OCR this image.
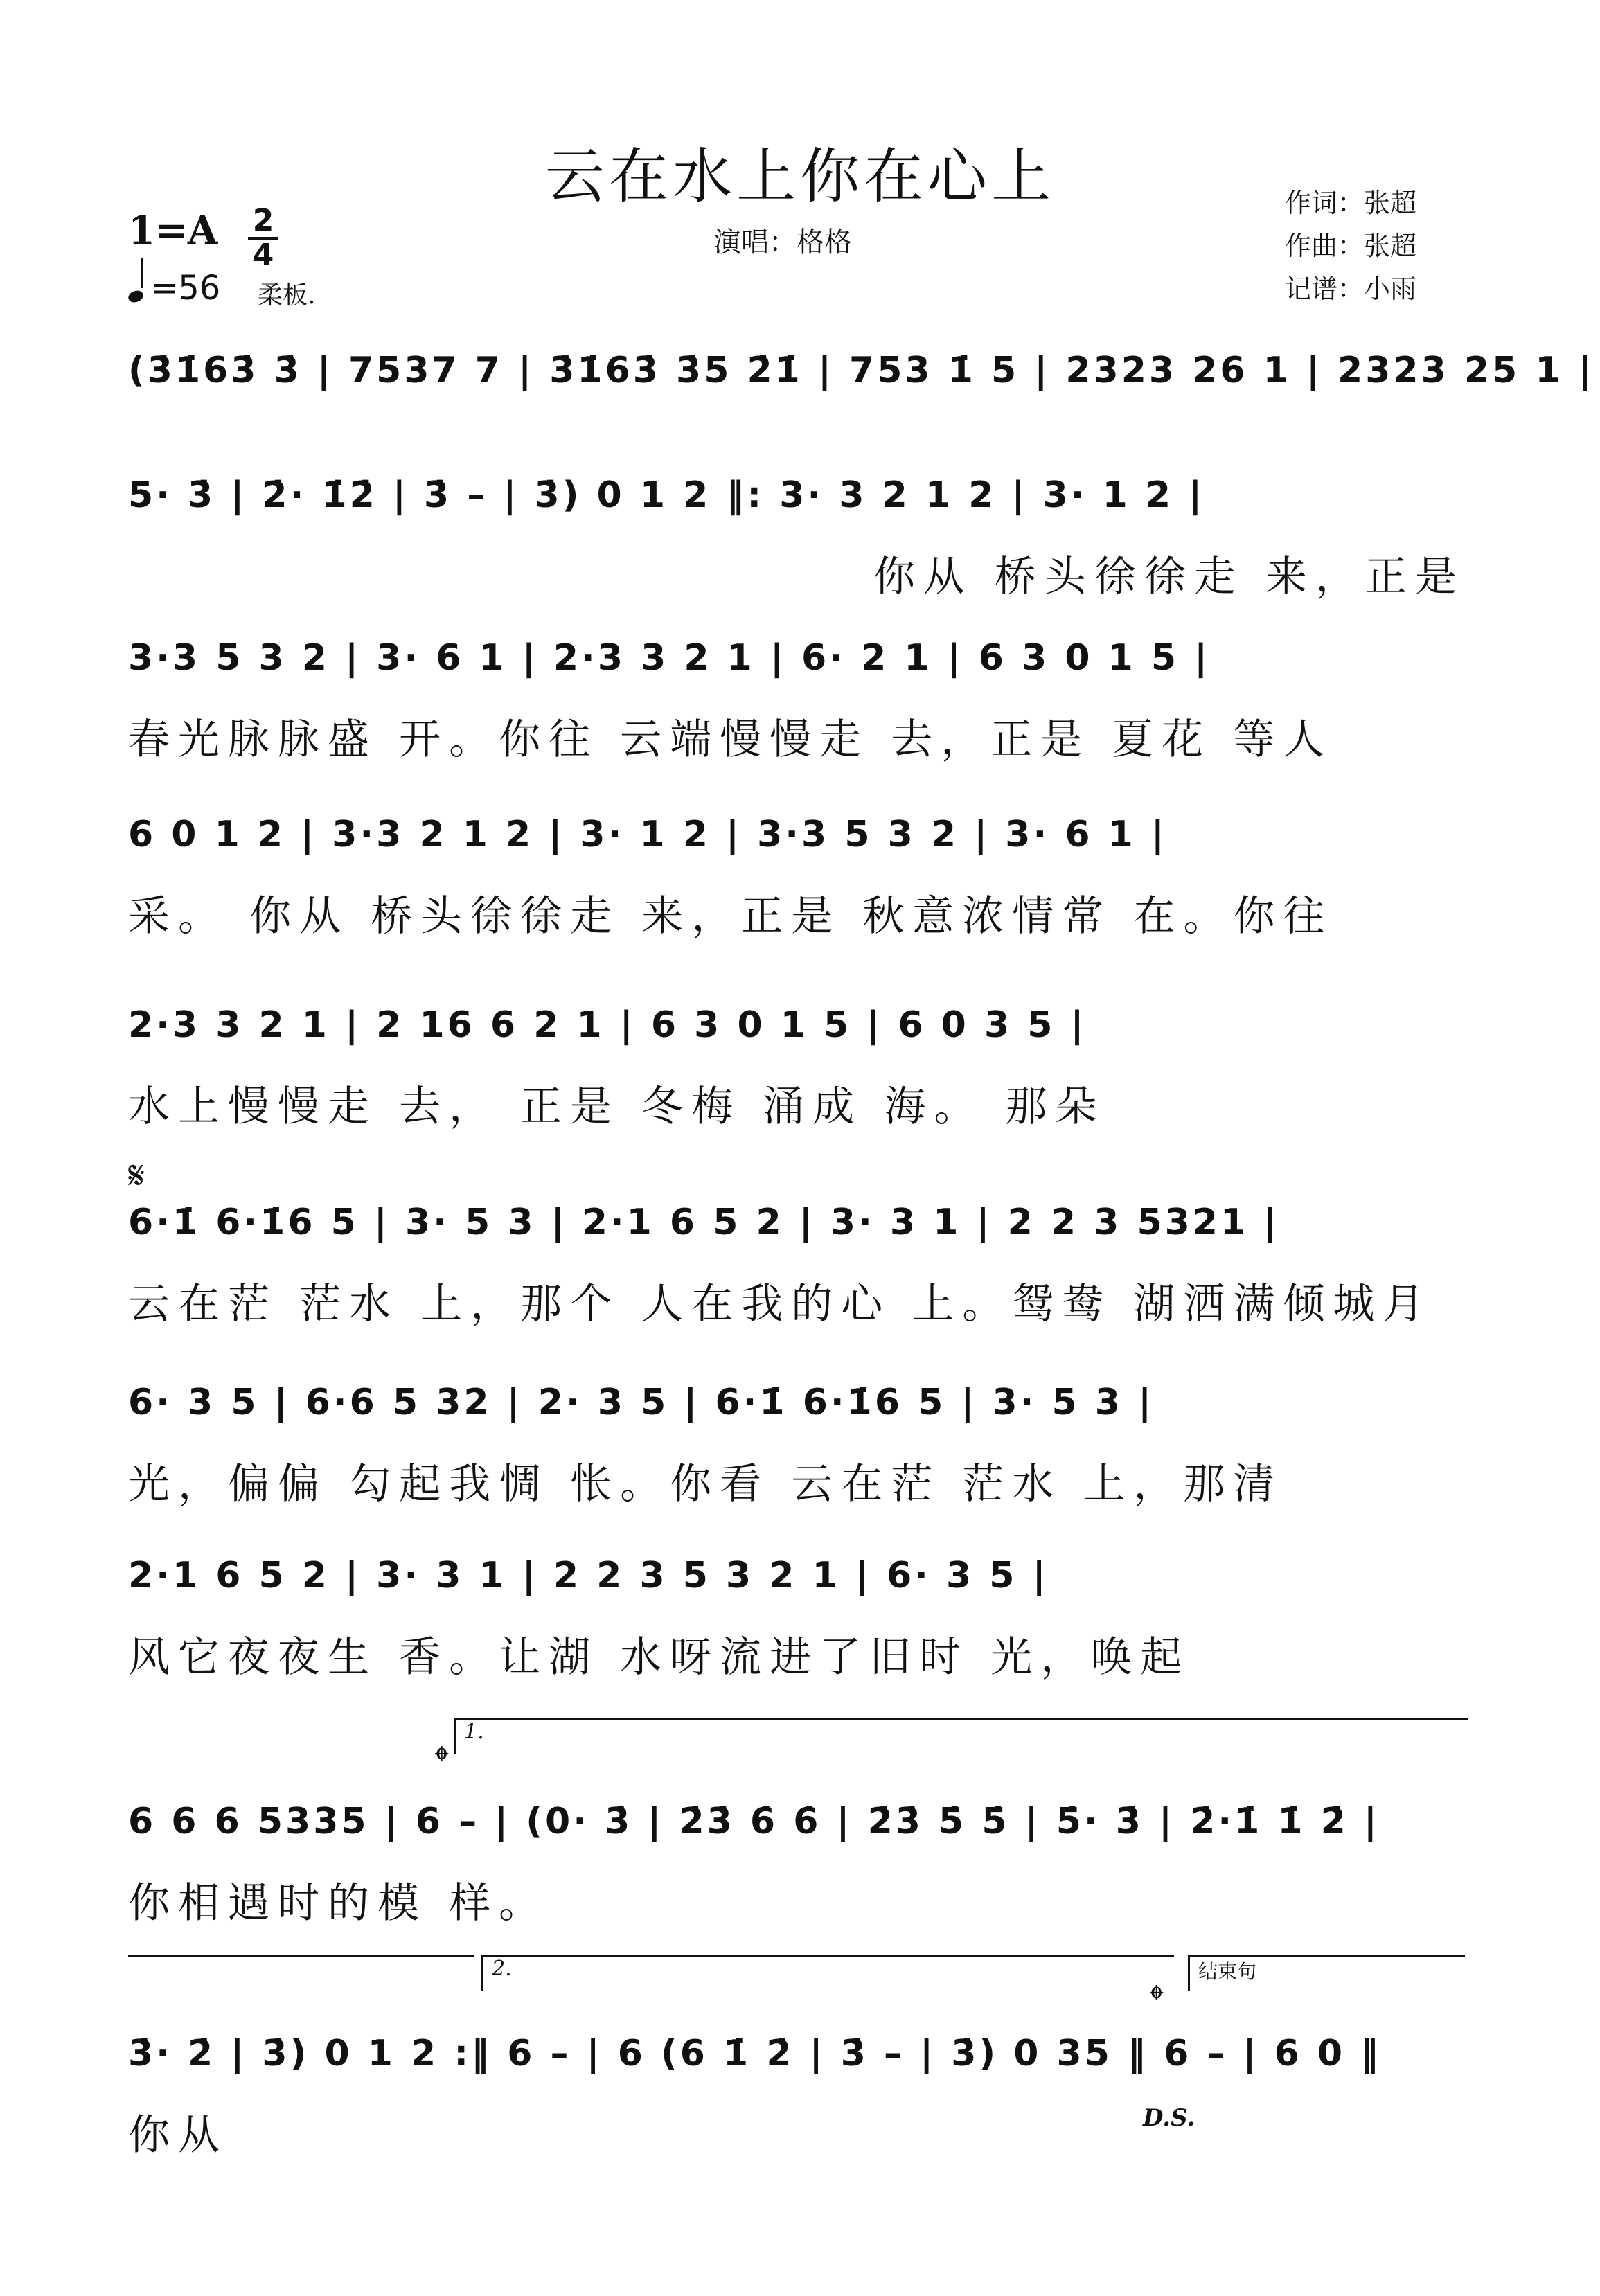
云在水上你在心上	作词：张超
作曲：张超
记谱：小雨
演唱：格格
1=A 2
4
=56 柔板.
(3̇1̇63̇ 3̇ | 7537 7 | 3̇1̇63̇ 3̇5 2̇1̇ | 753 1̇ 5 | 2323 26 1 | 2323 25 1 |
5· 3̇ | 2̇· 1̇2̇ | 3̇ – | 3̇) 0 1 2 ‖: 3· 3 2 1 2 | 3· 1 2 |
你从 桥头徐徐走 来，正是
3·3 5 3 2 | 3· 6 1 | 2·3 3 2 1 | 6· 2 1 | 6 3 0 1 5 |
春光脉脉盛 开。你往 云端慢慢走 去，正是 夏花 等人
6 0 1 2 | 3·3 2 1 2 | 3· 1 2 | 3·3 5 3 2 | 3· 6 1 |
采。 你从 桥头徐徐走 来，正是 秋意浓情常 在。你往
2·3 3 2 1 | 2 16 6 2 1 | 6 3 0 1 5 | 6 0 3 5 |
水上慢慢走 去， 正是 冬梅 涌成 海。 那朵
𝄋
6·1̇ 6·1̇6 5 | 3· 5 3 | 2·1 6 5 2 | 3· 3 1 | 2 2 3 5321 |
云在茫 茫水 上，那个 人在我的心 上。鸳鸯 湖洒满倾城月
6· 3 5 | 6·6 5 32 | 2· 3 5 | 6·1̇ 6·1̇6 5 | 3· 5 3 |
光，偏偏 勾起我惆 怅。你看 云在茫 茫水 上，那清
2·1 6 5 2 | 3· 3 1 | 2 2 3 5 3 2 1 | 6· 3 5 |
风它夜夜生 香。让湖 水呀流进了旧时 光，唤起
1.
𝄌
6 6 6 5335 | 6 – | (0· 3̇ | 2̇3̇ 6̇ 6̇ | 2̇3̇ 5̇ 5̇ | 5̇· 3̇ | 2̇·1̇ 1̇ 2̇ |
你相遇时的模 样。
2.	结束句
𝄌
3̇· 2̇ | 3̇) 0 1 2 :‖ 6 – | 6 (6 1̇ 2̇ | 3̇ – | 3̇) 0 35 ‖ 6 – | 6 0 ‖
你从	D.S.
